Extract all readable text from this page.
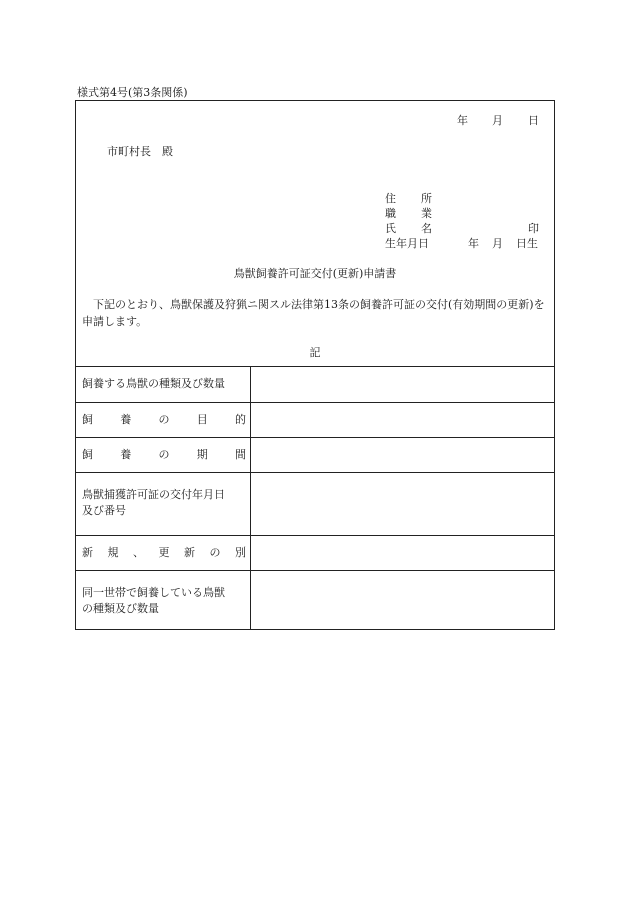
様式第4号(第3条関係)
年 月 日
市町村長　殿
住 所
職 業
氏 名	印
生年月日	年 月 日生
鳥獣飼養許可証交付(更新)申請書
下記のとおり、鳥獣保護及狩猟ニ関スル法律第13条の飼養許可証の交付(有効期間の更新)を申請します。
記
飼養する鳥獣の種類及び数量
飼 養 の 目 的
飼 養 の 期 間
鳥獣捕獲許可証の交付年月日
及び番号
新 規 、 更 新 の 別
同一世帯で飼養している鳥獣
の種類及び数量
